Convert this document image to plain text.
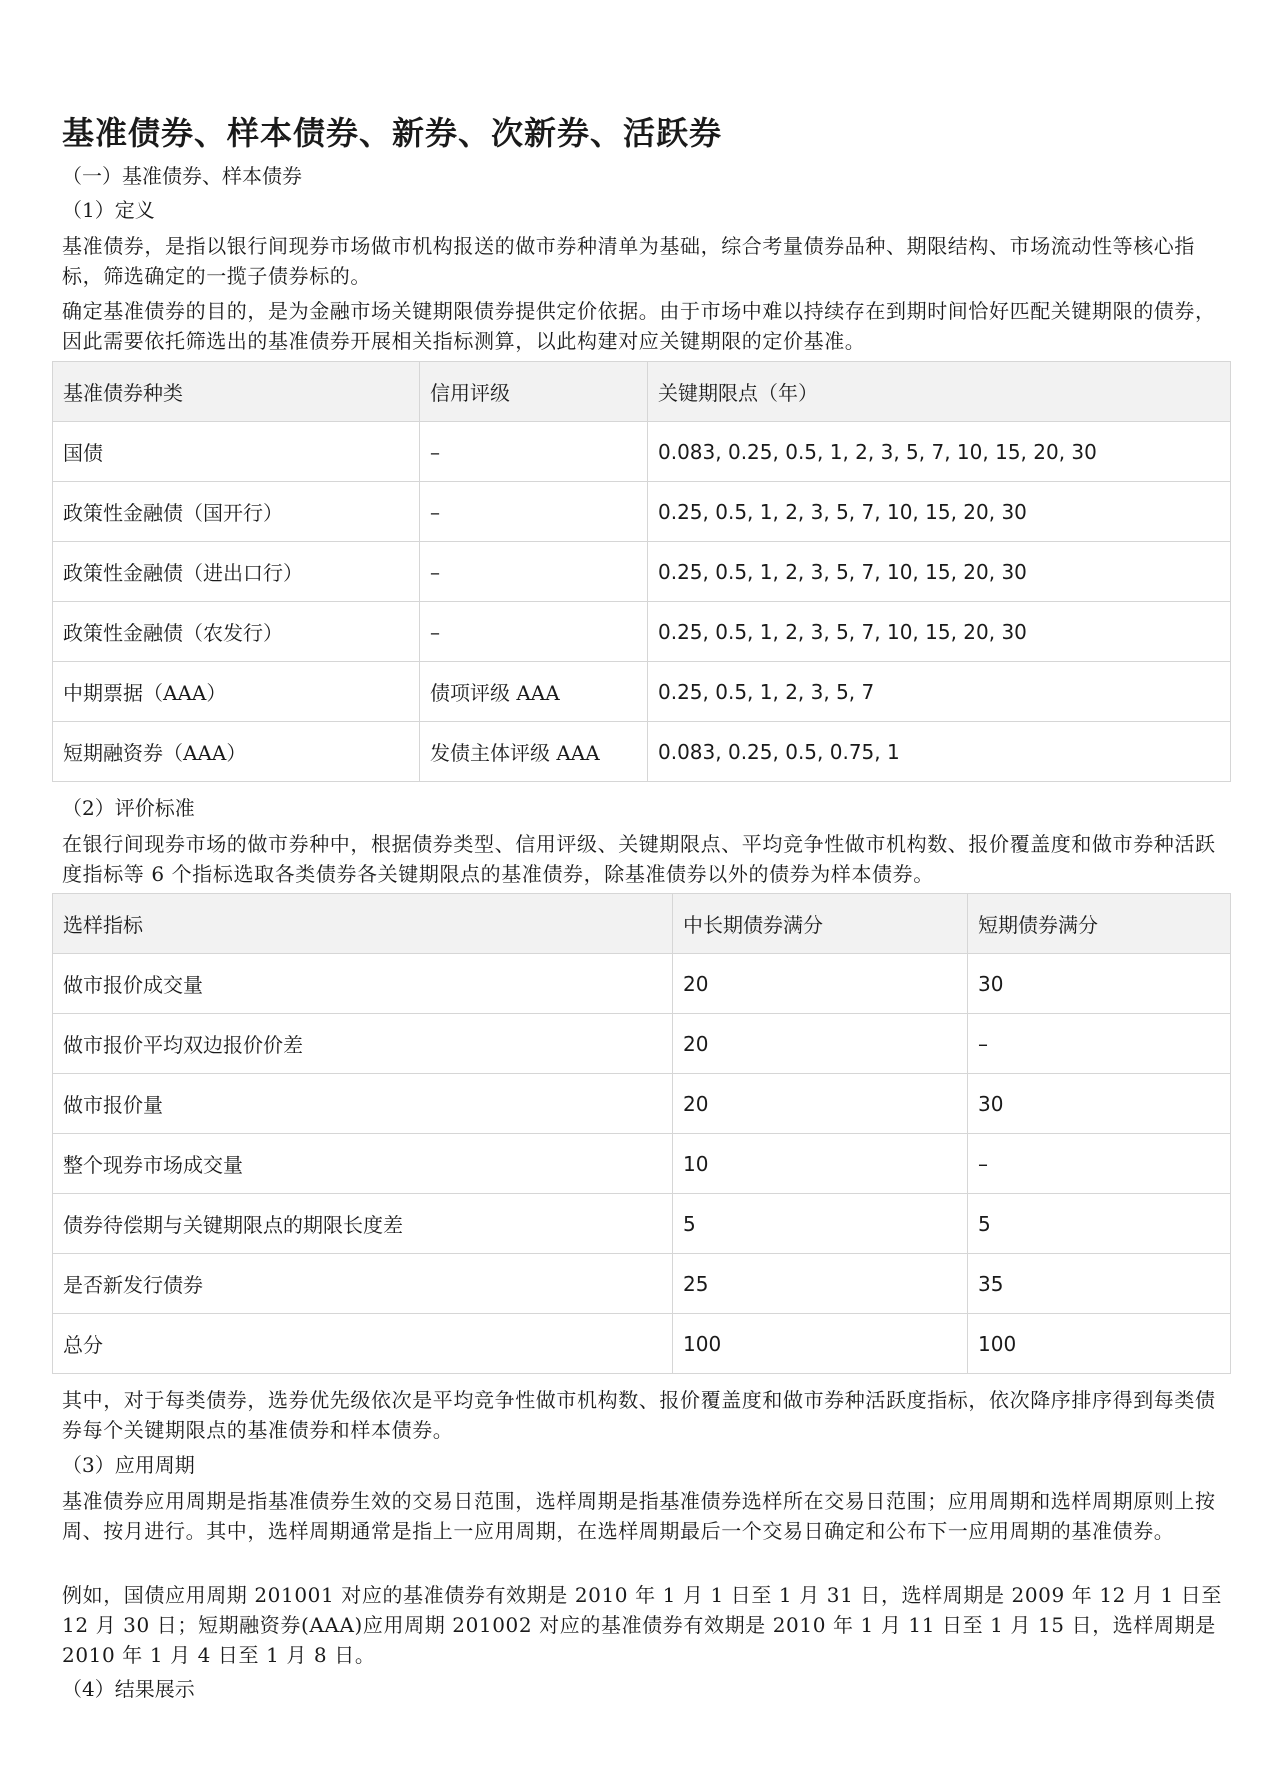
基准债券、样本债券、新券、次新券、活跃券
（一）基准债券、样本债券
（1）定义

基准债券，是指以银行间现券市场做市机构报送的做市券种清单为基础，综合考量债券品种、期限结构、市场流动性等核心指标，筛选确定的一揽子债券标的。

确定基准债券的目的，是为金融市场关键期限债券提供定价依据。由于市场中难以持续存在到期时间恰好匹配关键期限的债券，因此需要依托筛选出的基准债券开展相关指标测算，以此构建对应关键期限的定价基准。

基准债券种类	信用评级	关键期限点（年）
国债	–	0.083, 0.25, 0.5, 1, 2, 3, 5, 7, 10, 15, 20, 30
政策性金融债（国开行）	–	0.25, 0.5, 1, 2, 3, 5, 7, 10, 15, 20, 30
政策性金融债（进出口行）	–	0.25, 0.5, 1, 2, 3, 5, 7, 10, 15, 20, 30
政策性金融债（农发行）	–	0.25, 0.5, 1, 2, 3, 5, 7, 10, 15, 20, 30
中期票据（AAA）	债项评级 AAA	0.25, 0.5, 1, 2, 3, 5, 7
短期融资券（AAA）	发债主体评级 AAA	0.083, 0.25, 0.5, 0.75, 1
（2）评价标准

在银行间现券市场的做市券种中，根据债券类型、信用评级、关键期限点、平均竞争性做市机构数、报价覆盖度和做市券种活跃度指标等 6 个指标选取各类债券各关键期限点的基准债券，除基准债券以外的债券为样本债券。

选样指标	中长期债券满分	短期债券满分
做市报价成交量	20	30
做市报价平均双边报价价差	20	–
做市报价量	20	30
整个现券市场成交量	10	–
债券待偿期与关键期限点的期限长度差	5	5
是否新发行债券	25	35
总分	100	100

其中，对于每类债券，选券优先级依次是平均竞争性做市机构数、报价覆盖度和做市券种活跃度指标，依次降序排序得到每类债券每个关键期限点的基准债券和样本债券。

（3）应用周期

基准债券应用周期是指基准债券生效的交易日范围，选样周期是指基准债券选样所在交易日范围；应用周期和选样周期原则上按周、按月进行。其中，选样周期通常是指上一应用周期，在选样周期最后一个交易日确定和公布下一应用周期的基准债券。

例如，国债应用周期 201001 对应的基准债券有效期是 2010 年 1 月 1 日至 1 月 31 日，选样周期是 2009 年 12 月 1 日至 12 月 30 日；短期融资券(AAA)应用周期 201002 对应的基准债券有效期是 2010 年 1 月 11 日至 1 月 15 日，选样周期是 2010 年 1 月 4 日至 1 月 8 日。

（4）结果展示
